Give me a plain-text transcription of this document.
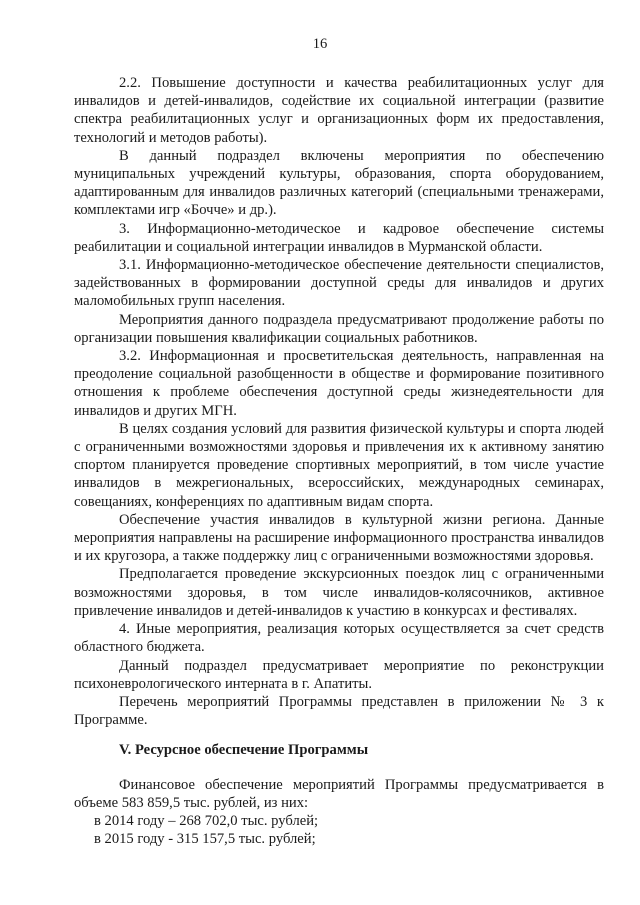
16

2.2. Повышение доступности и качества реабилитационных услуг для инвалидов и детей-инвалидов, содействие их социальной интеграции (развитие спектра реабилитационных услуг и организационных форм их предоставления, технологий и методов работы).

В данный подраздел включены мероприятия по обеспечению муниципальных учреждений культуры, образования, спорта оборудованием, адаптированным для инвалидов различных категорий (специальными тренажерами, комплектами игр «Бочче» и др.).

3. Информационно-методическое и кадровое обеспечение системы реабилитации и социальной интеграции инвалидов в Мурманской области.

3.1. Информационно-методическое обеспечение деятельности специалистов, задействованных в формировании доступной среды для инвалидов и других маломобильных групп населения.

Мероприятия данного подраздела предусматривают продолжение работы по организации повышения квалификации социальных работников.

3.2. Информационная и просветительская деятельность, направленная на преодоление социальной разобщенности в обществе и формирование позитивного отношения к проблеме обеспечения доступной среды жизнедеятельности для инвалидов и других МГН.

В целях создания условий для развития физической культуры и спорта людей с ограниченными возможностями здоровья и привлечения их к активному занятию спортом планируется проведение спортивных мероприятий, в том числе участие инвалидов в межрегиональных, всероссийских, международных семинарах, совещаниях, конференциях по адаптивным видам спорта.

Обеспечение участия инвалидов в культурной жизни региона. Данные мероприятия направлены на расширение информационного пространства инвалидов и их кругозора, а также поддержку лиц с ограниченными возможностями здоровья.

Предполагается проведение экскурсионных поездок лиц с ограниченными возможностями здоровья, в том числе инвалидов-колясочников, активное привлечение инвалидов и детей-инвалидов к участию в конкурсах и фестивалях.

4. Иные мероприятия, реализация которых осуществляется за счет средств областного бюджета.

Данный подраздел предусматривает мероприятие по реконструкции психоневрологического интерната в г. Апатиты.

Перечень мероприятий Программы представлен в приложении № 3 к Программе.

V. Ресурсное обеспечение Программы

Финансовое обеспечение мероприятий Программы предусматривается в объеме 583 859,5 тыс. рублей, из них:

в 2014 году – 268 702,0 тыс. рублей;

в 2015 году - 315 157,5 тыс. рублей;
